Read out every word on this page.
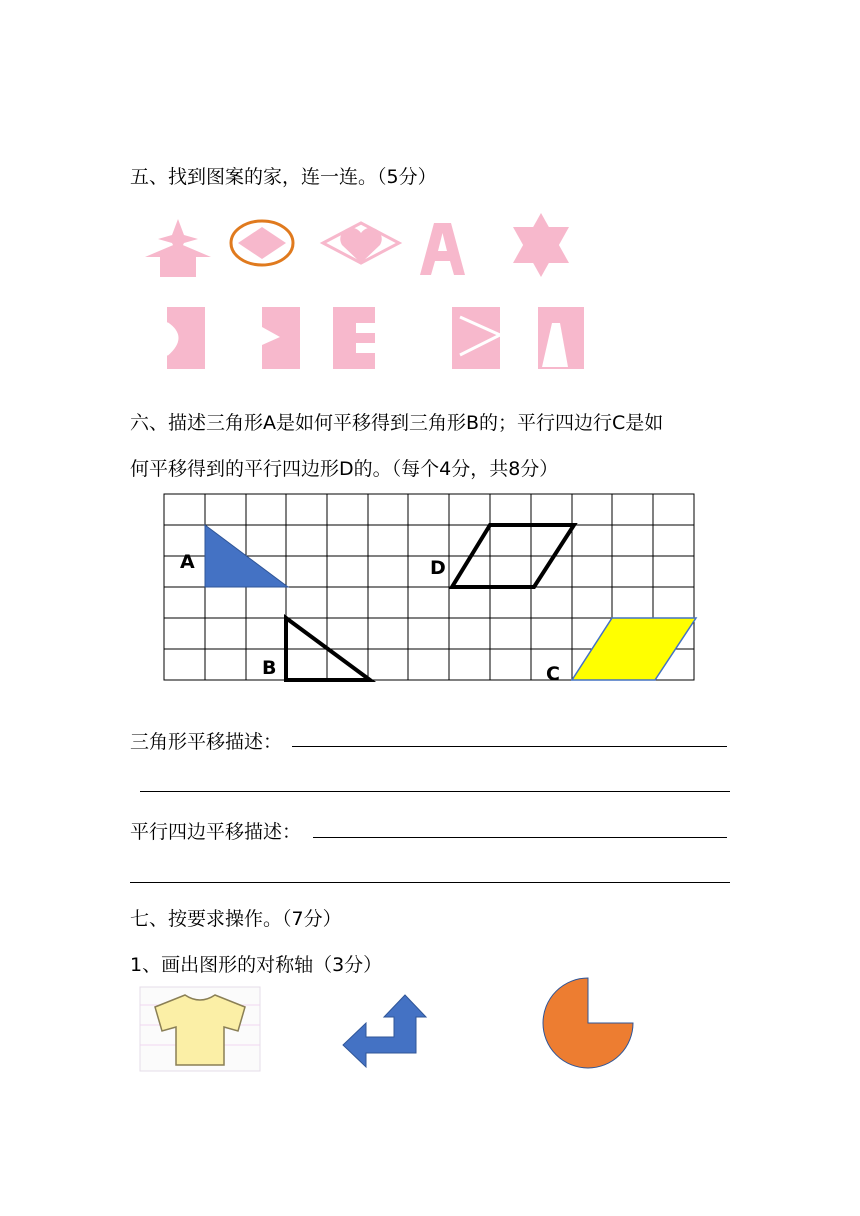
五、找到图案的家，连一连。（5分）
六、描述三角形A是如何平移得到三角形B的；平行四边行C是如
何平移得到的平行四边形D的。（每个4分，共8分）
A
B
D
C
三角形平移描述：
平行四边平移描述：
七、按要求操作。（7分）
1、画出图形的对称轴（3分）
